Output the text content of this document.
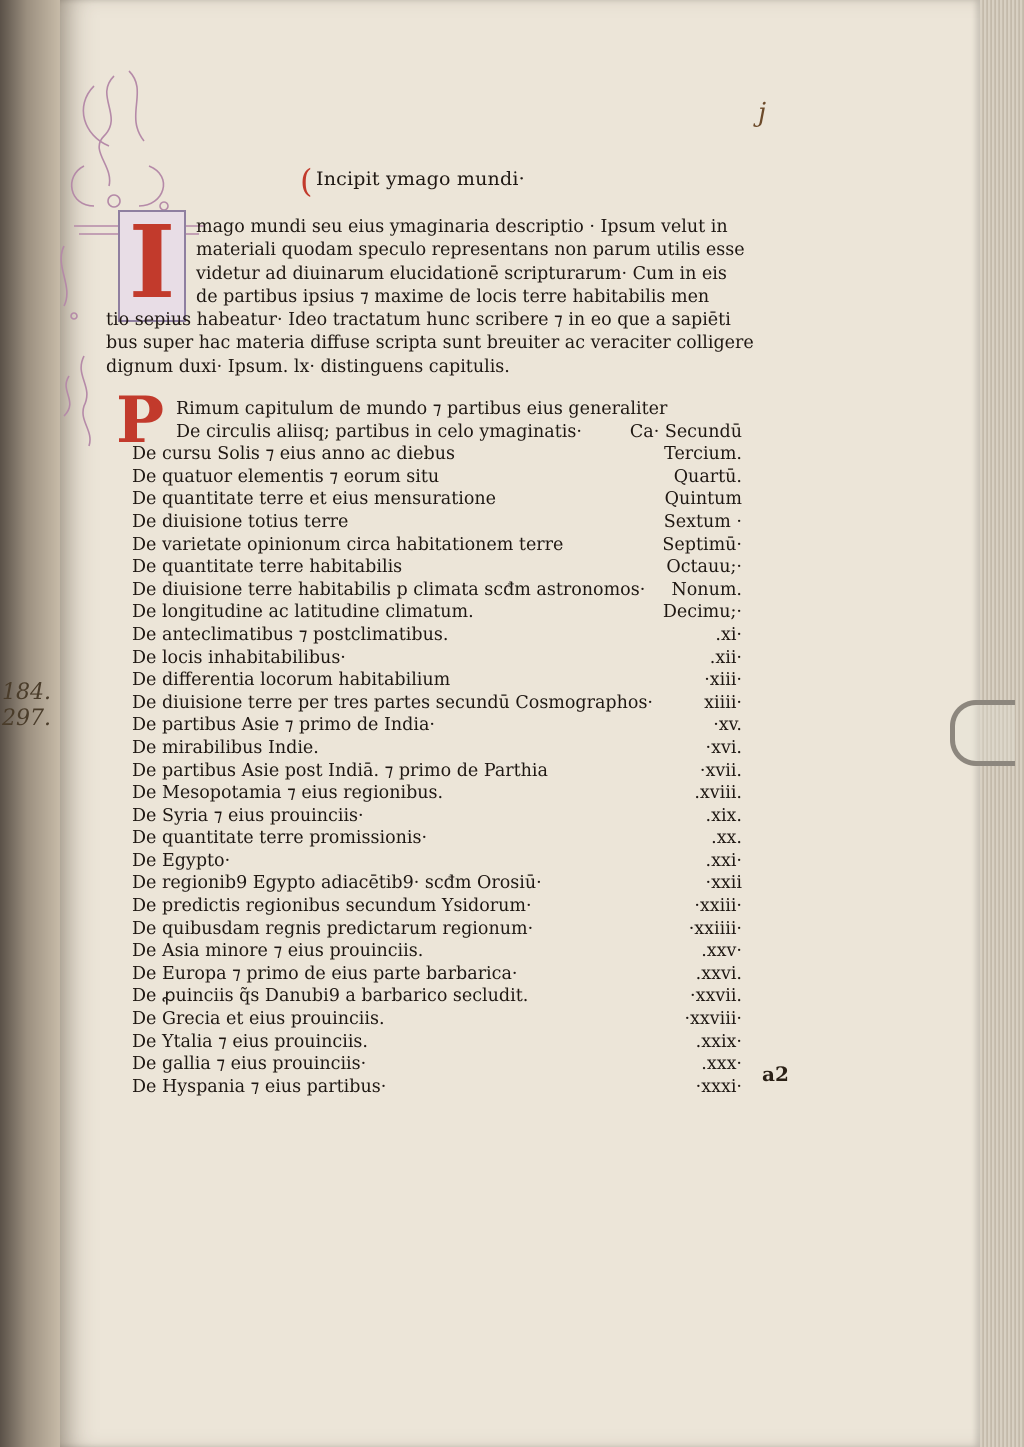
184. 297.
j
I
P
( Incipit ymago mundi·
mago mundi seu eius ymaginaria descriptio · Ipsum velut in
materiali quodam speculo representans non parum utilis esse
videtur ad diuinarum elucidationē scripturarum· Cum in eis
de partibus ipsius ⁊ maxime de locis terre habitabilis men
tio sepius habeatur· Ideo tractatum hunc scribere ⁊ in eo que a sapiēti
bus super hac materia diffuse scripta sunt breuiter ac veraciter colligere
dignum duxi· Ipsum. lx· distinguens capitulis.
Rimum capitulum de mundo ⁊ partibus eius generaliter
De circulis aliisq; partibus in celo ymaginatis·	Ca· Secundū
De cursu Solis ⁊ eius anno ac diebus	Tercium.
De quatuor elementis ⁊ eorum situ	Quartū.
De quantitate terre et eius mensuratione	Quintum
De diuisione totius terre	Sextum ·
De varietate opinionum circa habitationem terre	Septimū·
De quantitate terre habitabilis	Octauu;·
De diuisione terre habitabilis p climata scđm astronomos· Nonum.
De longitudine ac latitudine climatum.	Decimu;·
De anteclimatibus ⁊ postclimatibus.	.xi·
De locis inhabitabilibus·	.xii·
De differentia locorum habitabilium	·xiii·
De diuisione terre per tres partes secundū Cosmographos·	xiiii·
De partibus Asie ⁊ primo de India·	·xv.
De mirabilibus Indie.	·xvi.
De partibus Asie post Indiā. ⁊ primo de Parthia	·xvii.
De Mesopotamia ⁊ eius regionibus.	.xviii.
De Syria ⁊ eius prouinciis·	.xix.
De quantitate terre promissionis·	.xx.
De Egypto·	.xxi·
De regionib9 Egypto adiacētib9· scđm Orosiū·	·xxii
De predictis regionibus secundum Ysidorum·	·xxiii·
De quibusdam regnis predictarum regionum·	·xxiiii·
De Asia minore ⁊ eius prouinciis.	.xxv·
De Europa ⁊ primo de eius parte barbarica·	.xxvi.
De ꝓuinciis q̃s Danubi9 a barbarico secludit.	·xxvii.
De Grecia et eius prouinciis.	·xxviii·
De Ytalia ⁊ eius prouinciis.	.xxix·
De gallia ⁊ eius prouinciis·	.xxx·
De Hyspania ⁊ eius partibus·	·xxxi·
a2
